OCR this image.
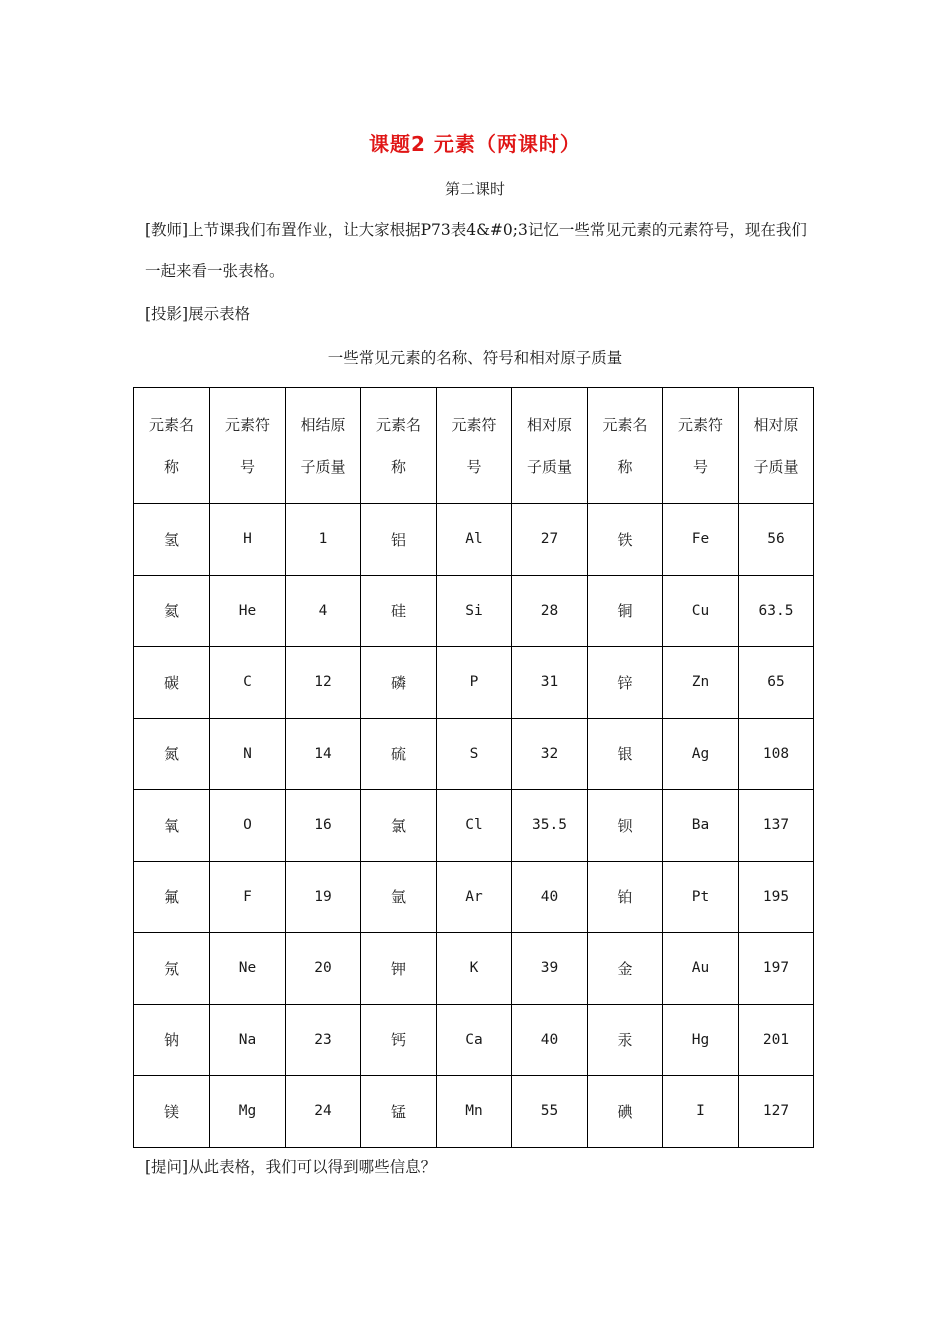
课题2 元素（两课时）
第二课时
[教师]上节课我们布置作业，让大家根据P73表4&#0;3记忆一些常见元素的元素符号，现在我们一起来看一张表格。
[投影]展示表格
一些常见元素的名称、符号和相对原子质量
元素名称	元素符号	相结原子质量	元素名称	元素符号	相对原子质量	元素名称	元素符号	相对原子质量
氢	H	1	铝	Al	27	铁	Fe	56
氦	He	4	硅	Si	28	铜	Cu	63.5
碳	C	12	磷	P	31	锌	Zn	65
氮	N	14	硫	S	32	银	Ag	108
氧	O	16	氯	Cl	35.5	钡	Ba	137
氟	F	19	氩	Ar	40	铂	Pt	195
氖	Ne	20	钾	K	39	金	Au	197
钠	Na	23	钙	Ca	40	汞	Hg	201
镁	Mg	24	锰	Mn	55	碘	I	127
[提问]从此表格，我们可以得到哪些信息？
